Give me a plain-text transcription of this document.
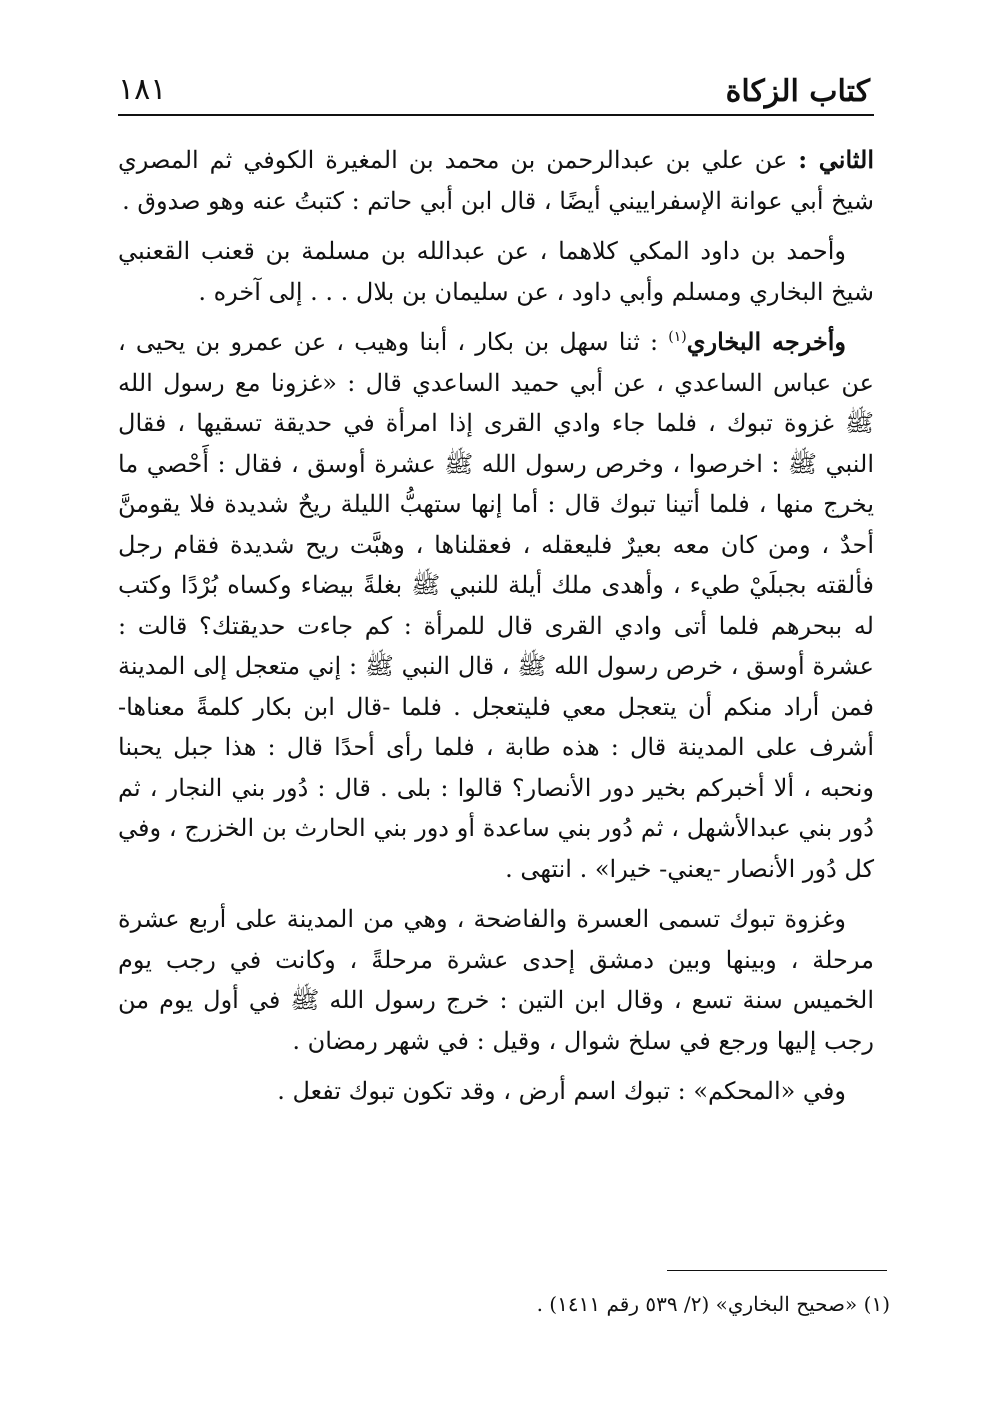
كتاب الزكاة
١٨١

الثاني : عن علي بن عبدالرحمن بن محمد بن المغيرة الكوفي ثم المصري شيخ أبي عوانة الإسفراييني أيضًا ، قال ابن أبي حاتم : كتبتُ عنه وهو صدوق .

وأحمد بن داود المكي كلاهما ، عن عبدالله بن مسلمة بن قعنب القعنبي شيخ البخاري ومسلم وأبي داود ، عن سليمان بن بلال . . . إلى آخره .

وأخرجه البخاري$^{(١)}$ : ثنا سهل بن بكار ، أبنا وهيب ، عن عمرو بن يحيى ، عن عباس الساعدي ، عن أبي حميد الساعدي قال : «غزونا مع رسول الله ﷺ غزوة تبوك ، فلما جاء وادي القرى إذا امرأة في حديقة تسقيها ، فقال النبي ﷺ : اخرصوا ، وخرص رسول الله ﷺ عشرة أوسق ، فقال : أَحْصي ما يخرج منها ، فلما أتينا تبوك قال : أما إنها ستهبُّ الليلة ريحٌ شديدة فلا يقومنَّ أحدٌ ، ومن كان معه بعيرٌ فليعقله ، فعقلناها ، وهبَّت ريح شديدة فقام رجل فألقته بجبلَيْ طيء ، وأهدى ملك أيلة للنبي ﷺ بغلةً بيضاء وكساه بُرْدًا وكتب له ببحرهم فلما أتى وادي القرى قال للمرأة : كم جاءت حديقتك؟ قالت : عشرة أوسق ، خرص رسول الله ﷺ ، قال النبي ﷺ : إني متعجل إلى المدينة فمن أراد منكم أن يتعجل معي فليتعجل . فلما -قال ابن بكار كلمةً معناها- أشرف على المدينة قال : هذه طابة ، فلما رأى أحدًا قال : هذا جبل يحبنا ونحبه ، ألا أخبركم بخير دور الأنصار؟ قالوا : بلى . قال : دُور بني النجار ، ثم دُور بني عبدالأشهل ، ثم دُور بني ساعدة أو دور بني الحارث بن الخزرج ، وفي كل دُور الأنصار -يعني- خيرا» . انتهى .

وغزوة تبوك تسمى العسرة والفاضحة ، وهي من المدينة على أربع عشرة مرحلة ، وبينها وبين دمشق إحدى عشرة مرحلةً ، وكانت في رجب يوم الخميس سنة تسع ، وقال ابن التين : خرج رسول الله ﷺ في أول يوم من رجب إليها ورجع في سلخ شوال ، وقيل : في شهر رمضان .

وفي «المحكم» : تبوك اسم أرض ، وقد تكون تبوك تفعل .

(١) «صحيح البخاري» (٢/ ٥٣٩ رقم ١٤١١) .
